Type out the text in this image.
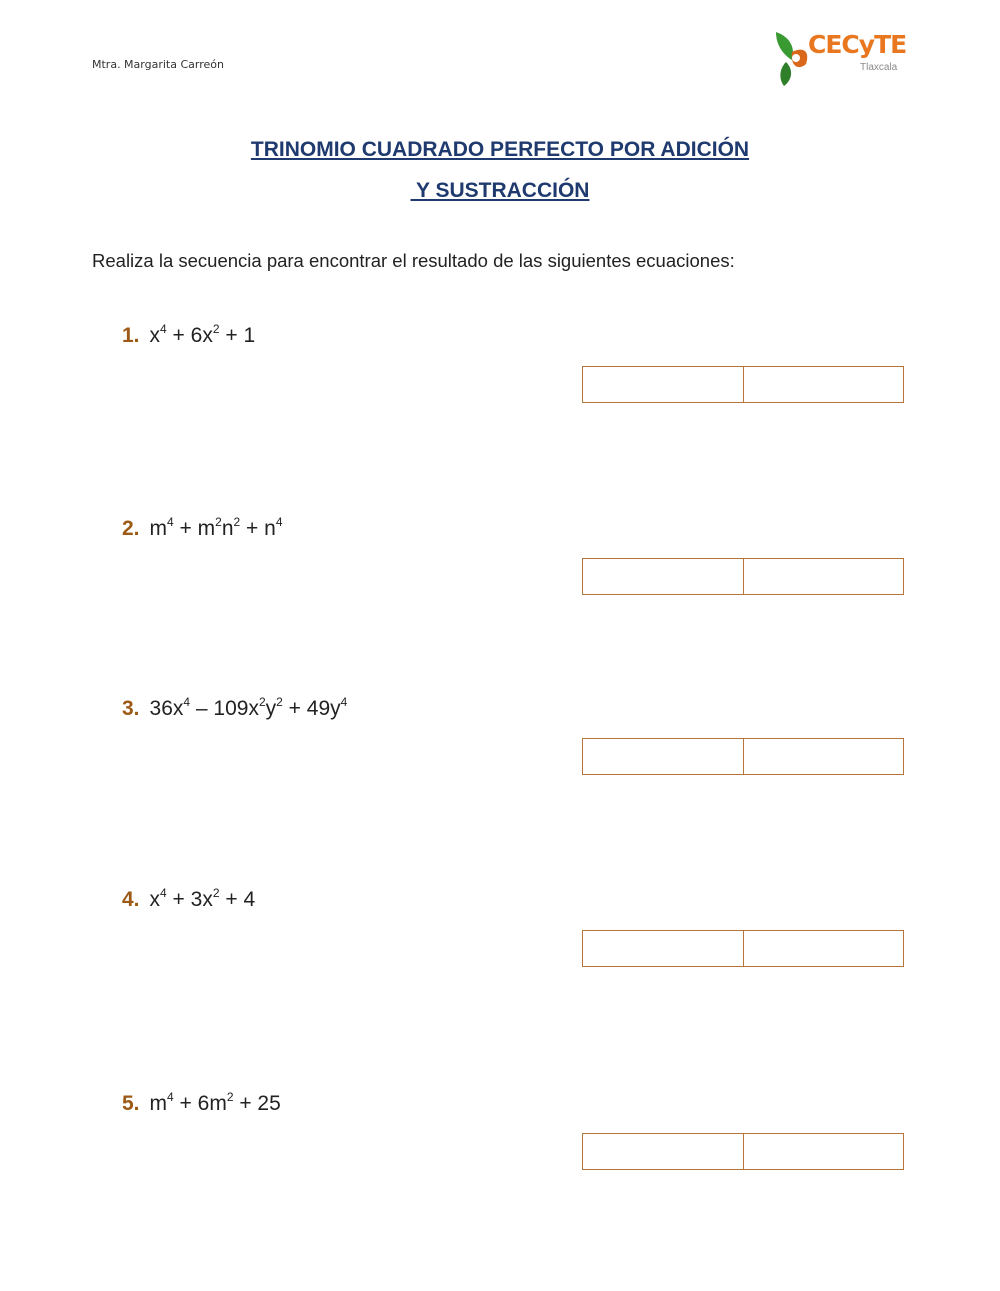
Mtra. Margarita Carreón
CECyTE
Tlaxcala
TRINOMIO CUADRADO PERFECTO POR ADICIÓN
Y SUSTRACCIÓN
Realiza la secuencia para encontrar el resultado de las siguientes ecuaciones:
1. $x^4 + 6x^2 + 1$
2. $m^4 + m^2n^2 + n^4$
3. $36x^4 - 109x^2y^2 + 49y^4$
4. $x^4 + 3x^2 + 4$
5. $m^4 + 6m^2 + 25$
